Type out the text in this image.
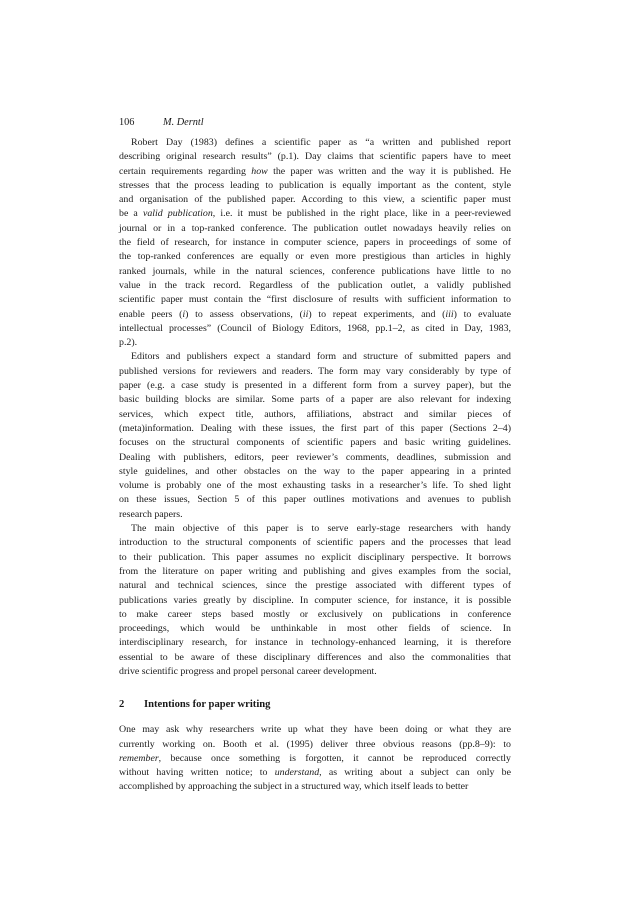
106	M. Derntl

Robert Day (1983) defines a scientific paper as “a written and published report
describing original research results” (p.1). Day claims that scientific papers have to meet
certain requirements regarding how the paper was written and the way it is published. He
stresses that the process leading to publication is equally important as the content, style
and organisation of the published paper. According to this view, a scientific paper must
be a valid publication, i.e. it must be published in the right place, like in a peer-reviewed
journal or in a top-ranked conference. The publication outlet nowadays heavily relies on
the field of research, for instance in computer science, papers in proceedings of some of
the top-ranked conferences are equally or even more prestigious than articles in highly
ranked journals, while in the natural sciences, conference publications have little to no
value in the track record. Regardless of the publication outlet, a validly published
scientific paper must contain the “first disclosure of results with sufficient information to
enable peers (i) to assess observations, (ii) to repeat experiments, and (iii) to evaluate
intellectual processes” (Council of Biology Editors, 1968, pp.1–2, as cited in Day, 1983,
p.2).

Editors and publishers expect a standard form and structure of submitted papers and
published versions for reviewers and readers. The form may vary considerably by type of
paper (e.g. a case study is presented in a different form from a survey paper), but the
basic building blocks are similar. Some parts of a paper are also relevant for indexing
services, which expect title, authors, affiliations, abstract and similar pieces of
(meta)information. Dealing with these issues, the first part of this paper (Sections 2–4)
focuses on the structural components of scientific papers and basic writing guidelines.
Dealing with publishers, editors, peer reviewer’s comments, deadlines, submission and
style guidelines, and other obstacles on the way to the paper appearing in a printed
volume is probably one of the most exhausting tasks in a researcher’s life. To shed light
on these issues, Section 5 of this paper outlines motivations and avenues to publish
research papers.

The main objective of this paper is to serve early-stage researchers with handy
introduction to the structural components of scientific papers and the processes that lead
to their publication. This paper assumes no explicit disciplinary perspective. It borrows
from the literature on paper writing and publishing and gives examples from the social,
natural and technical sciences, since the prestige associated with different types of
publications varies greatly by discipline. In computer science, for instance, it is possible
to make career steps based mostly or exclusively on publications in conference
proceedings, which would be unthinkable in most other fields of science. In
interdisciplinary research, for instance in technology-enhanced learning, it is therefore
essential to be aware of these disciplinary differences and also the commonalities that
drive scientific progress and propel personal career development.

2 Intentions for paper writing

One may ask why researchers write up what they have been doing or what they are
currently working on. Booth et al. (1995) deliver three obvious reasons (pp.8–9): to
remember, because once something is forgotten, it cannot be reproduced correctly
without having written notice; to understand, as writing about a subject can only be
accomplished by approaching the subject in a structured way, which itself leads to better
